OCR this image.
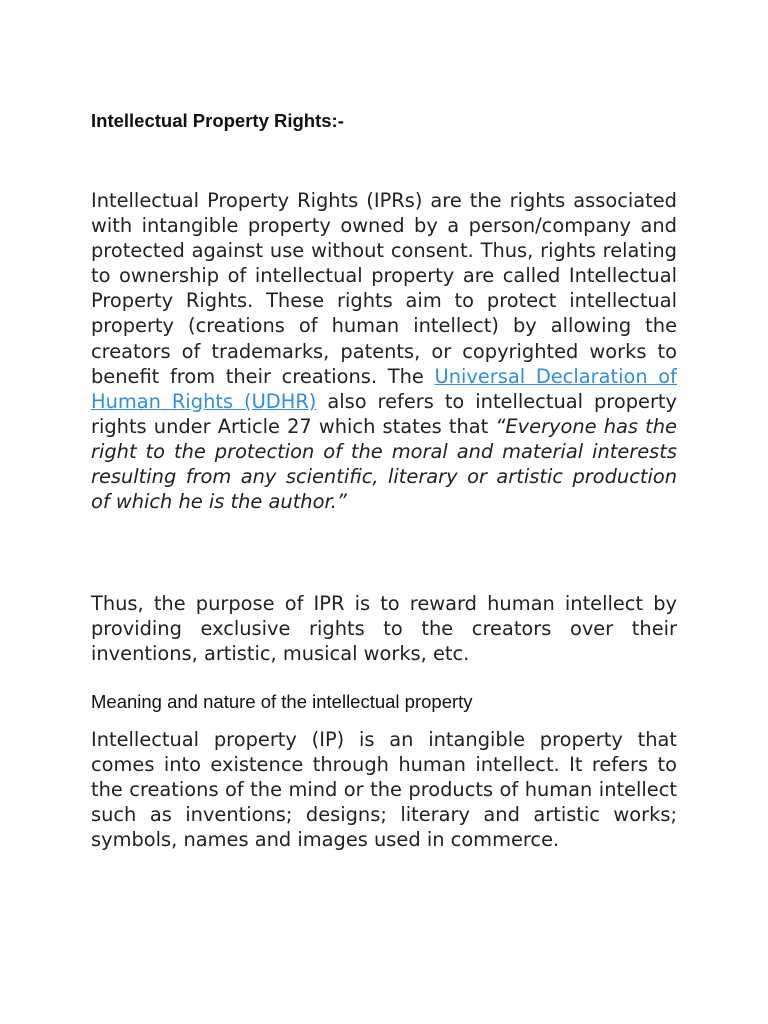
Intellectual Property Rights:-

Intellectual Property Rights (IPRs) are the rights associated with intangible property owned by a person/company and protected against use without consent. Thus, rights relating to ownership of intellectual property are called Intellectual Property Rights. These rights aim to protect intellectual property (creations of human intellect) by allowing the creators of trademarks, patents, or copyrighted works to benefit from their creations. The Universal Declaration of Human Rights (UDHR) also refers to intellectual property rights under Article 27 which states that “Everyone has the right to the protection of the moral and material interests resulting from any scientific, literary or artistic production of which he is the author.”

Thus, the purpose of IPR is to reward human intellect by providing exclusive rights to the creators over their inventions, artistic, musical works, etc.

Meaning and nature of the intellectual property

Intellectual property (IP) is an intangible property that comes into existence through human intellect. It refers to the creations of the mind or the products of human intellect such as inventions; designs; literary and artistic works; symbols, names and images used in commerce.
